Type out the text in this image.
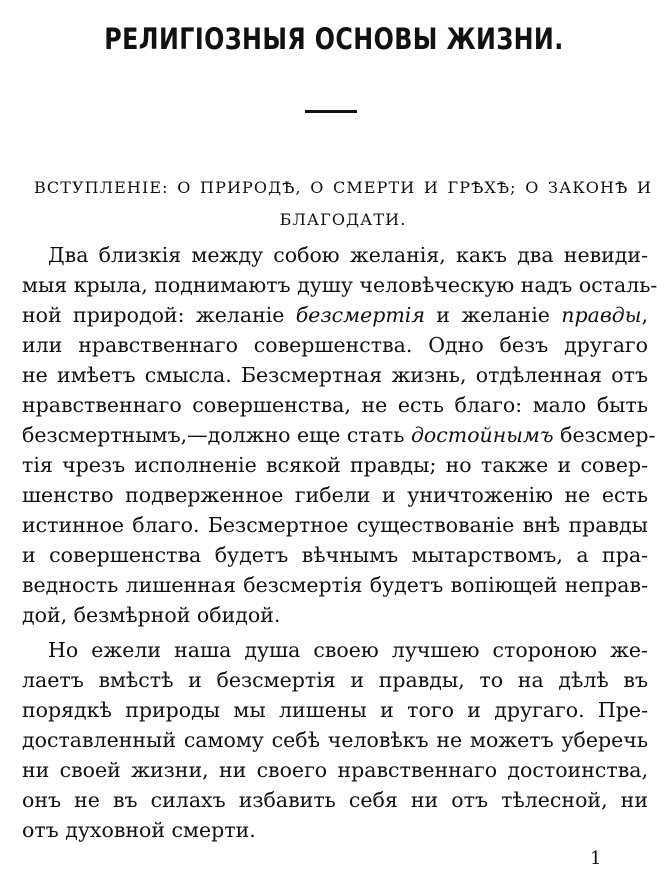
РЕЛИГІОЗНЫЯ ОСНОВЫ ЖИЗНИ.
ВСТУПЛЕНІЕ: О ПРИРОДѢ, О СМЕРТИ И ГРѢХѢ; О ЗАКОНѢ И
БЛАГОДАТИ.
Два близкія между собою желанія, какъ два невиди-
мыя крыла, поднимаютъ душу человѣческую надъ осталь-
ной природой: желаніе безсмертія и желаніе правды,
или нравственнаго совершенства. Одно безъ другаго
не имѣетъ смысла. Безсмертная жизнь, отдѣленная отъ
нравственнаго совершенства, не есть благо: мало быть
безсмертнымъ,—должно еще стать достойнымъ безсмер-
тія чрезъ исполненіе всякой правды; но также и совер-
шенство подверженное гибели и уничтоженію не есть
истинное благо. Безсмертное существованіе внѣ правды
и совершенства будетъ вѣчнымъ мытарствомъ, а пра-
ведность лишенная безсмертія будетъ вопіющей неправ-
дой, безмѣрной обидой.
Но ежели наша душа своею лучшею стороною же-
лаетъ вмѣстѣ и безсмертія и правды, то на дѣлѣ въ
порядкѣ природы мы лишены и того и другаго. Пре-
доставленный самому себѣ человѣкъ не можетъ уберечь
ни своей жизни, ни своего нравственнаго достоинства,
онъ не въ силахъ избавить себя ни отъ тѣлесной, ни
отъ духовной смерти.
1
